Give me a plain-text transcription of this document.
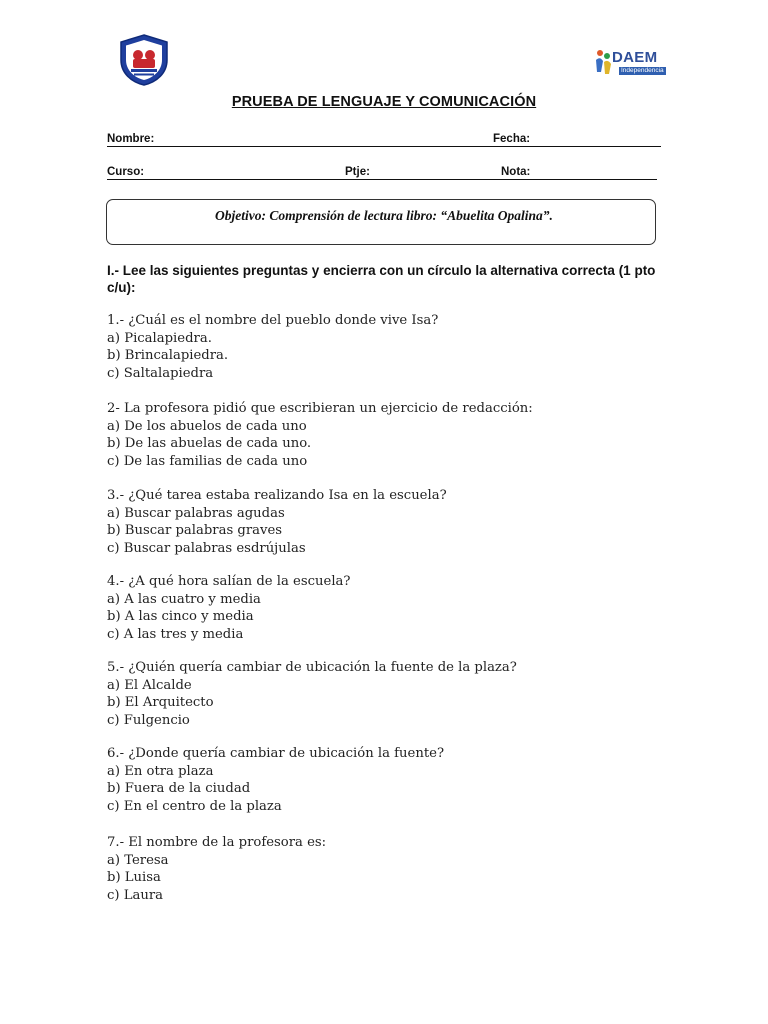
DAEM
Independencia
PRUEBA DE LENGUAJE Y COMUNICACIÓN
Nombre:	Fecha:
Curso:	Ptje:	Nota:
Objetivo: Comprensión de lectura libro: “Abuelita Opalina”.
I.- Lee las siguientes preguntas y encierra con un círculo la alternativa correcta (1 pto c/u):
1.- ¿Cuál es el nombre del pueblo donde vive Isa?
a) Picalapiedra.
b) Brincalapiedra.
c) Saltalapiedra
2- La profesora pidió que escribieran un ejercicio de redacción:
a) De los abuelos de cada uno
b) De las abuelas de cada uno.
c) De las familias de cada uno
3.- ¿Qué tarea estaba realizando Isa en la escuela?
a) Buscar palabras agudas
b) Buscar palabras graves
c) Buscar palabras esdrújulas
4.- ¿A qué hora salían de la escuela?
a) A las cuatro y media
b) A las cinco y media
c) A las tres y media
5.- ¿Quién quería cambiar de ubicación la fuente de la plaza?
a) El Alcalde
b) El Arquitecto
c) Fulgencio
6.- ¿Donde quería cambiar de ubicación la fuente?
a) En otra plaza
b) Fuera de la ciudad
c) En el centro de la plaza
7.- El nombre de la profesora es:
a) Teresa
b) Luisa
c) Laura
